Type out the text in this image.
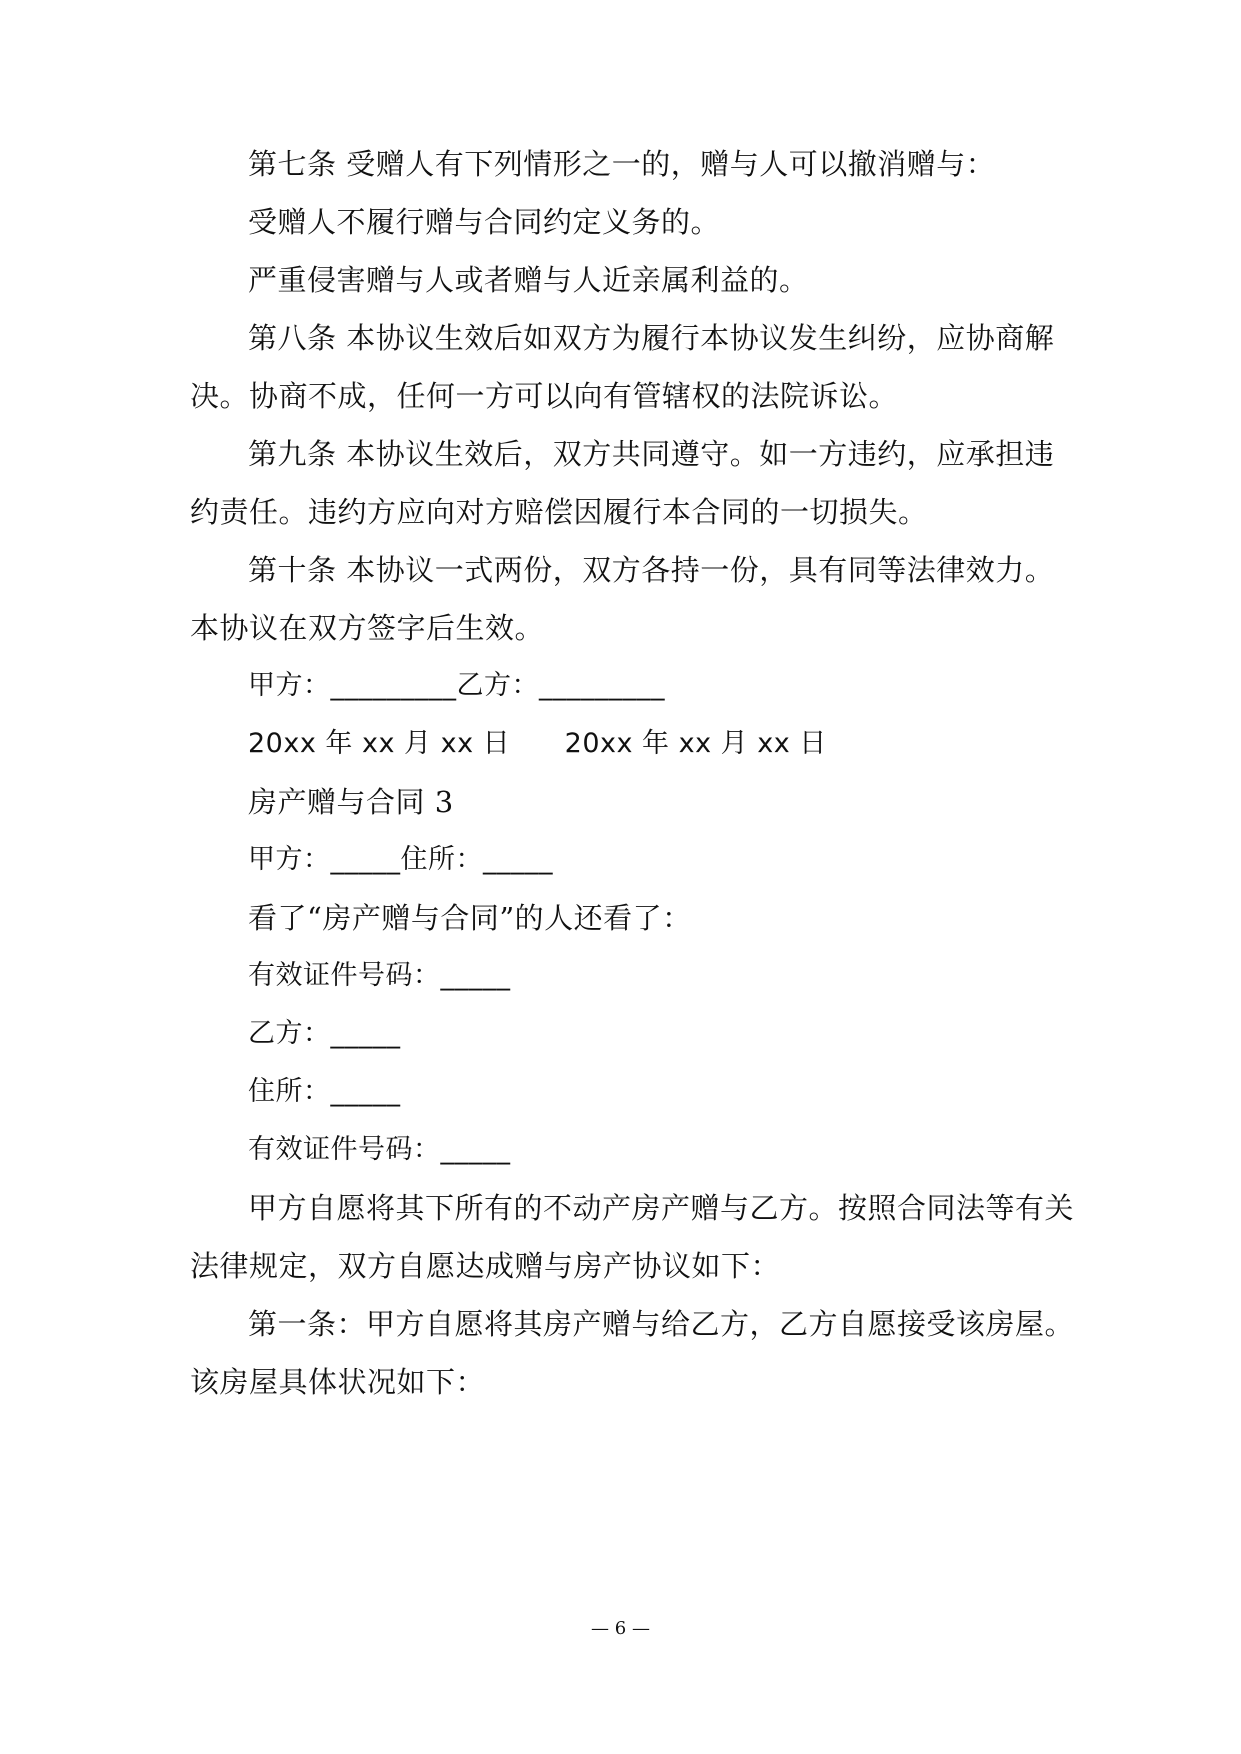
第七条 受赠人有下列情形之一的，赠与人可以撤消赠与：
受赠人不履行赠与合同约定义务的。
严重侵害赠与人或者赠与人近亲属利益的。
第八条 本协议生效后如双方为履行本协议发生纠纷，应协商解
决。协商不成，任何一方可以向有管辖权的法院诉讼。
第九条 本协议生效后，双方共同遵守。如一方违约，应承担违
约责任。违约方应向对方赔偿因履行本合同的一切损失。
第十条 本协议一式两份，双方各持一份，具有同等法律效力。
本协议在双方签字后生效。
甲方：_________乙方：_________
20xx 年 xx 月 xx 日      20xx 年 xx 月 xx 日
房产赠与合同 3
甲方：_____住所：_____
看了“房产赠与合同”的人还看了：
有效证件号码：_____
乙方：_____
住所：_____
有效证件号码：_____
甲方自愿将其下所有的不动产房产赠与乙方。按照合同法等有关
法律规定，双方自愿达成赠与房产协议如下：
第一条：甲方自愿将其房产赠与给乙方，乙方自愿接受该房屋。
该房屋具体状况如下：
— 6 —
